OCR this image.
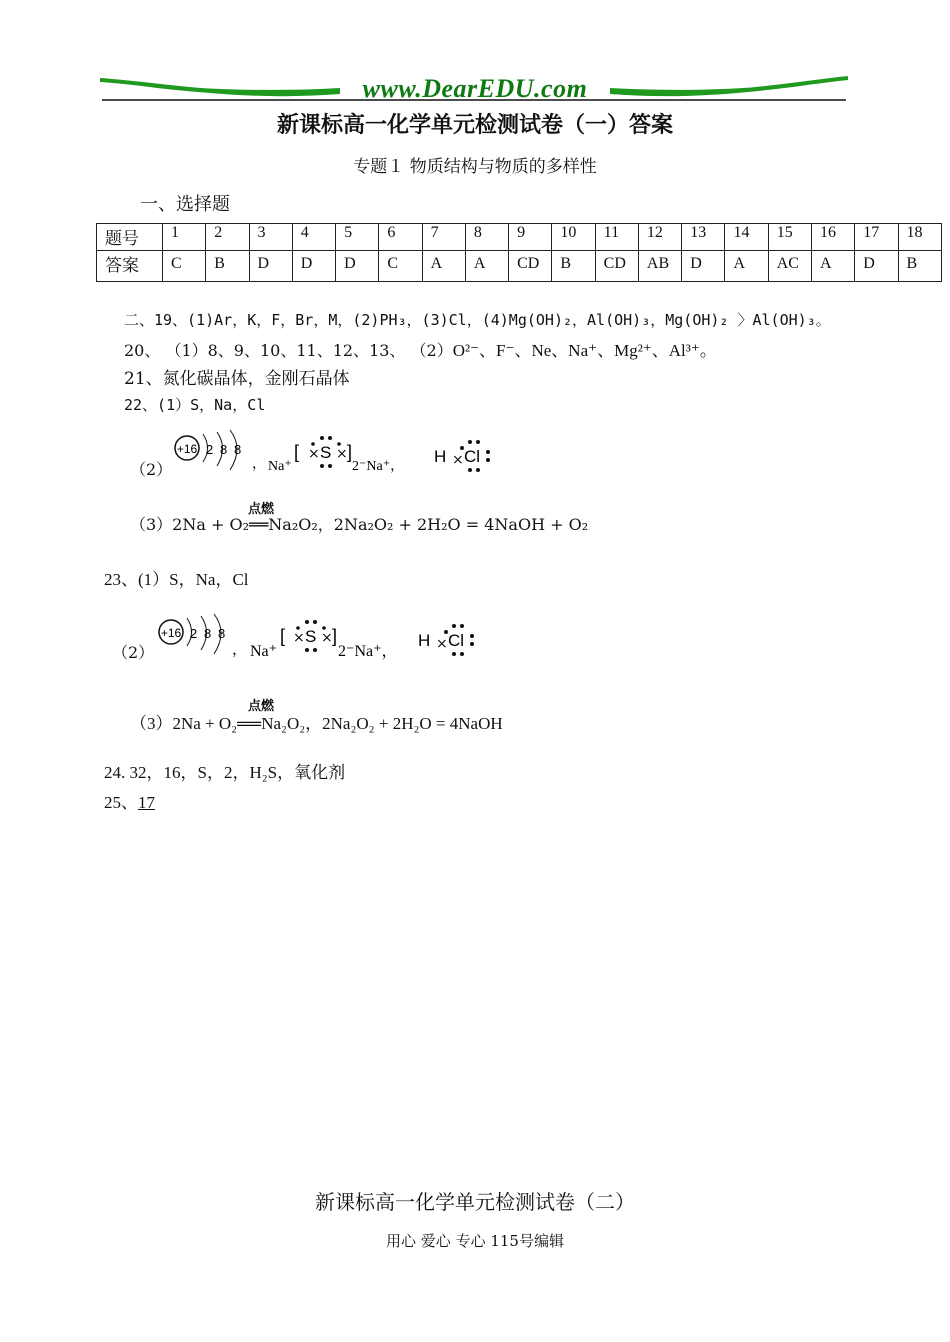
www.DearEDU.com
新课标高一化学单元检测试卷（一）答案
专题１ 物质结构与物质的多样性
一、选择题
题号	1	2	3	4	5	6	7	8	9	10	11	12	13	14	15	16	17	18
答案	C	B	D	D	D	C	A	A	CD	B	CD	AB	D	A	AC	A	D	B
二、19、(1)Ar，K，F，Br，M，(2)PH₃，(3)Cl，(4)Mg(OH)₂，Al(OH)₃，Mg(OH)₂ 〉Al(OH)₃。
20、 （1）8、9、10、11、12、13、 （2）O²⁻、F⁻、Ne、Na⁺、Mg²⁺、Al³⁺。
21、氮化碳晶体，金刚石晶体
22、(1）S，Na，Cl
（2）
+16 2 8 8
， Na⁺
[	]
S
× ×
2⁻Na⁺，
H × Cl
点燃
（3）2Na + O₂══Na₂O₂，2Na₂O₂ + 2H₂O = 4NaOH + O₂
23、(1）S，Na，Cl
（2）
+16 2 8 8
， Na⁺
[	]
S
× ×
2⁻Na⁺，
H × Cl
点燃
（3）2Na + O₂══Na₂O₂，2Na₂O₂ + 2H₂O = 4NaOH
24. 32，16，S，2，H₂S，氧化剂
25、17
新课标高一化学单元检测试卷（二）
用心 爱心 专心 115号编辑
